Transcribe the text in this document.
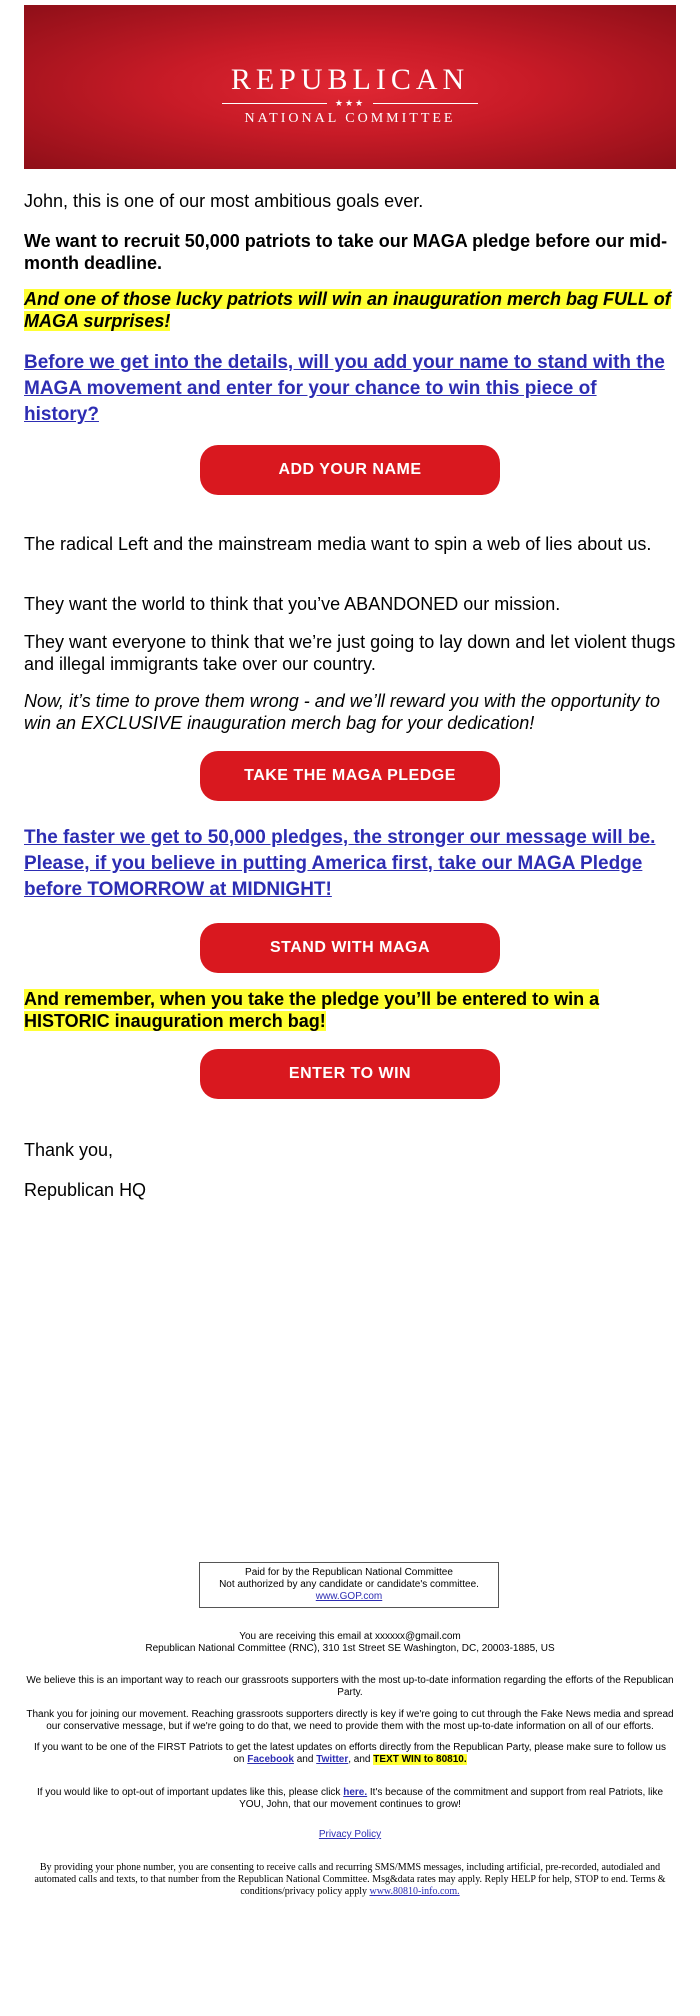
REPUBLICAN
★★★
NATIONAL COMMITTEE

John, this is one of our most ambitious goals ever.

We want to recruit 50,000 patriots to take our MAGA pledge before our mid-month deadline.

And one of those lucky patriots will win an inauguration merch bag FULL of MAGA surprises!

Before we get into the details, will you add your name to stand with the MAGA movement and enter for your chance to win this piece of history?

ADD YOUR NAME

The radical Left and the mainstream media want to spin a web of lies about us.

They want the world to think that you’ve ABANDONED our mission.

They want everyone to think that we’re just going to lay down and let violent thugs and illegal immigrants take over our country.

Now, it’s time to prove them wrong - and we’ll reward you with the opportunity to win an EXCLUSIVE inauguration merch bag for your dedication!

TAKE THE MAGA PLEDGE

The faster we get to 50,000 pledges, the stronger our message will be. Please, if you believe in putting America first, take our MAGA Pledge before TOMORROW at MIDNIGHT!

STAND WITH MAGA

And remember, when you take the pledge you’ll be entered to win a HISTORIC inauguration merch bag!

ENTER TO WIN

Thank you,

Republican HQ

Paid for by the Republican National Committee
Not authorized by any candidate or candidate's committee.
www.GOP.com
You are receiving this email at xxxxxx@gmail.com
Republican National Committee (RNC), 310 1st Street SE Washington, DC, 20003-1885, US
We believe this is an important way to reach our grassroots supporters with the most up-to-date information regarding the efforts of the Republican Party.
Thank you for joining our movement. Reaching grassroots supporters directly is key if we're going to cut through the Fake News media and spread our conservative message, but if we're going to do that, we need to provide them with the most up-to-date information on all of our efforts.
If you want to be one of the FIRST Patriots to get the latest updates on efforts directly from the Republican Party, please make sure to follow us on Facebook and Twitter, and TEXT WIN to 80810.
If you would like to opt-out of important updates like this, please click here. It's because of the commitment and support from real Patriots, like YOU, John, that our movement continues to grow!
Privacy Policy
By providing your phone number, you are consenting to receive calls and recurring SMS/MMS messages, including artificial, pre-recorded, autodialed and automated calls and texts, to that number from the Republican National Committee. Msg&data rates may apply. Reply HELP for help, STOP to end. Terms & conditions/privacy policy apply www.80810-info.com.
